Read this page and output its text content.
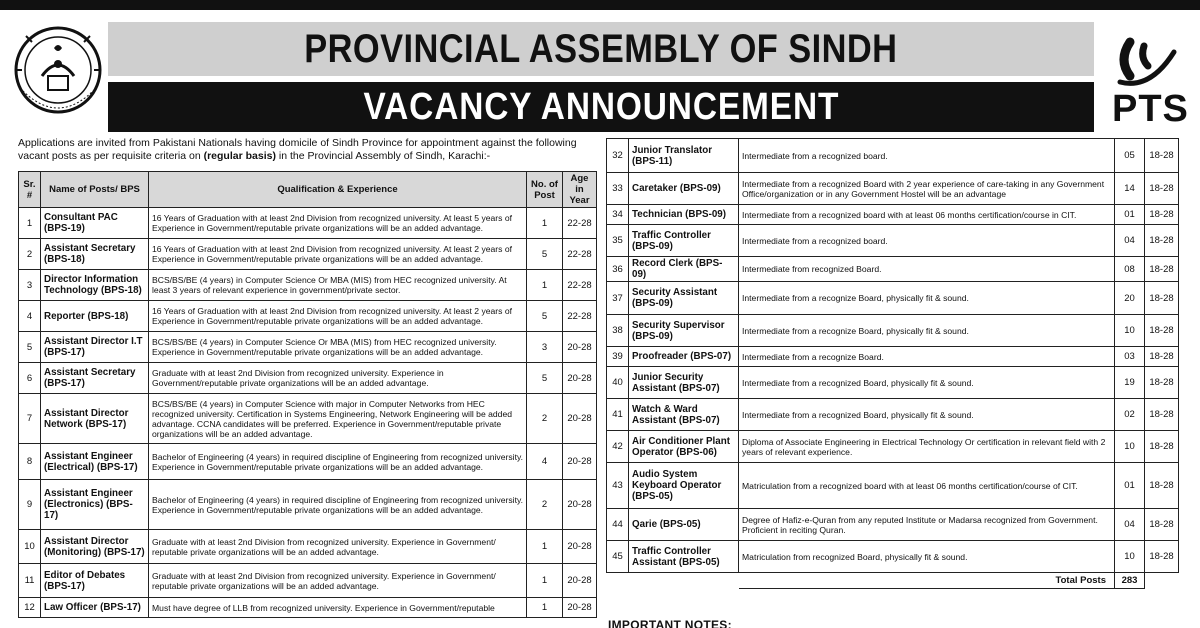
PTS
PROVINCIAL ASSEMBLY OF SINDH
VACANCY ANNOUNCEMENT

Applications are invited from Pakistani Nationals having domicile of Sindh Province for appointment against the following vacant posts as per requisite criteria on (regular basis) in the Provincial Assembly of Sindh, Karachi:-

Sr. #	Name of Posts/ BPS	Qualification & Experience	No. of Post	Age in Year
1	Consultant PAC (BPS-19)	16 Years of Graduation with at least 2nd Division from recognized university. At least 5 years of Experience in Government/reputable private organizations will be an added advantage.	1	22-28
2	Assistant Secretary (BPS-18)	16 Years of Graduation with at least 2nd Division from recognized university. At least 2 years of Experience in Government/reputable private organizations will be an added advantage.	5	22-28
3	Director Information Technology (BPS-18)	BCS/BS/BE (4 years) in Computer Science Or MBA (MIS) from HEC recognized university. At least 3 years of relevant experience in government/private sector.	1	22-28
4	Reporter (BPS-18)	16 Years of Graduation with at least 2nd Division from recognized university. At least 2 years of Experience in Government/reputable private organizations will be an added advantage.	5	22-28
5	Assistant Director I.T (BPS-17)	BCS/BS/BE (4 years) in Computer Science Or MBA (MIS) from HEC recognized university. Experience in Government/reputable private organizations will be an added advantage.	3	20-28
6	Assistant Secretary (BPS-17)	Graduate with at least 2nd Division from recognized university. Experience in Government/reputable private organizations will be an added advantage.	5	20-28
7	Assistant Director Network (BPS-17)	BCS/BS/BE (4 years) in Computer Science with major in Computer Networks from HEC recognized university. Certification in Systems Engineering, Network Engineering will be added advantage. CCNA candidates will be preferred. Experience in Government/reputable private organizations will be an added advantage.	2	20-28
8	Assistant Engineer (Electrical) (BPS-17)	Bachelor of Engineering (4 years) in required discipline of Engineering from recognized university. Experience in Government/reputable private organizations will be an added advantage.	4	20-28
9	Assistant Engineer (Electronics) (BPS-17)	Bachelor of Engineering (4 years) in required discipline of Engineering from recognized university. Experience in Government/reputable private organizations will be an added advantage.	2	20-28
10	Assistant Director (Monitoring) (BPS-17)	Graduate with at least 2nd Division from recognized university. Experience in Government/ reputable private organizations will be an added advantage.	1	20-28
11	Editor of Debates (BPS-17)	Graduate with at least 2nd Division from recognized university. Experience in Government/ reputable private organizations will be an added advantage.	1	20-28
12	Law Officer (BPS-17)	Must have degree of LLB from recognized university. Experience in Government/reputable	1	20-28
32	Junior Translator (BPS-11)	Intermediate from a recognized board.	05	18-28
33	Caretaker (BPS-09)	Intermediate from a recognized Board with 2 year experience of care-taking in any Government Office/organization or in any Government Hostel will be an advantage	14	18-28
34	Technician (BPS-09)	Intermediate from a recognized board with at least 06 months certification/course in CIT.	01	18-28
35	Traffic Controller (BPS-09)	Intermediate from a recognized board.	04	18-28
36	Record Clerk (BPS-09)	Intermediate from recognized Board.	08	18-28
37	Security Assistant (BPS-09)	Intermediate from a recognize Board, physically fit & sound.	20	18-28
38	Security Supervisor (BPS-09)	Intermediate from a recognize Board, physically fit & sound.	10	18-28
39	Proofreader (BPS-07)	Intermediate from a recognize Board.	03	18-28
40	Junior Security Assistant (BPS-07)	Intermediate from a recognized Board, physically fit & sound.	19	18-28
41	Watch & Ward Assistant (BPS-07)	Intermediate from a recognized Board, physically fit & sound.	02	18-28
42	Air Conditioner Plant Operator (BPS-06)	Diploma of Associate Engineering in Electrical Technology Or certification in relevant field with 2 years of relevant experience.	10	18-28
43	Audio System Keyboard Operator (BPS-05)	Matriculation from a recognized board with at least 06 months certification/course of CIT.	01	18-28
44	Qarie (BPS-05)	Degree of Hafiz-e-Quran from any reputed Institute or Madarsa recognized from Government. Proficient in reciting Quran.	04	18-28
45	Traffic Controller Assistant (BPS-05)	Matriculation from recognized Board, physically fit & sound.	10	18-28
		Total Posts	283	
IMPORTANT NOTES:
